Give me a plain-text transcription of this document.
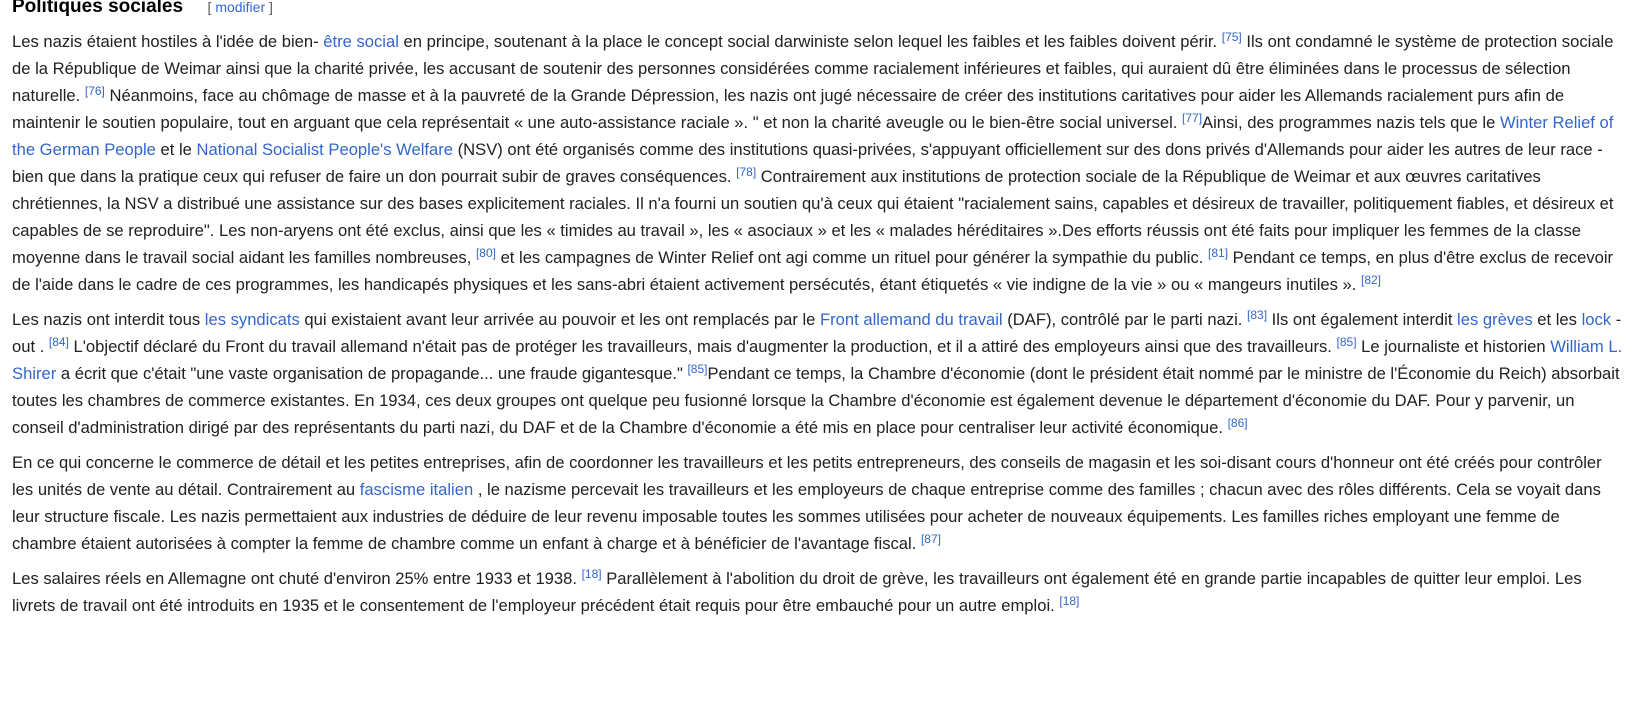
Politiques sociales [ modifier ]

Les nazis étaient hostiles à l'idée de bien- être social en principe, soutenant à la place le concept social darwiniste selon lequel les faibles et les faibles doivent périr. [75] Ils ont condamné le système de protection sociale de la République de Weimar ainsi que la charité privée, les accusant de soutenir des personnes considérées comme racialement inférieures et faibles, qui auraient dû être éliminées dans le processus de sélection naturelle. [76] Néanmoins, face au chômage de masse et à la pauvreté de la Grande Dépression, les nazis ont jugé nécessaire de créer des institutions caritatives pour aider les Allemands racialement purs afin de maintenir le soutien populaire, tout en arguant que cela représentait « une auto-assistance raciale ». " et non la charité aveugle ou le bien-être social universel. [77]Ainsi, des programmes nazis tels que le Winter Relief of the German People et le National Socialist People's Welfare (NSV) ont été organisés comme des institutions quasi-privées, s'appuyant officiellement sur des dons privés d'Allemands pour aider les autres de leur race - bien que dans la pratique ceux qui refuser de faire un don pourrait subir de graves conséquences. [78] Contrairement aux institutions de protection sociale de la République de Weimar et aux œuvres caritatives chrétiennes, la NSV a distribué une assistance sur des bases explicitement raciales. Il n'a fourni un soutien qu'à ceux qui étaient "racialement sains, capables et désireux de travailler, politiquement fiables, et désireux et capables de se reproduire". Les non-aryens ont été exclus, ainsi que les « timides au travail », les « asociaux » et les « malades héréditaires ».Des efforts réussis ont été faits pour impliquer les femmes de la classe moyenne dans le travail social aidant les familles nombreuses, [80] et les campagnes de Winter Relief ont agi comme un rituel pour générer la sympathie du public. [81] Pendant ce temps, en plus d'être exclus de recevoir de l'aide dans le cadre de ces programmes, les handicapés physiques et les sans-abri étaient activement persécutés, étant étiquetés « vie indigne de la vie » ou « mangeurs inutiles ». [82]

Les nazis ont interdit tous les syndicats qui existaient avant leur arrivée au pouvoir et les ont remplacés par le Front allemand du travail (DAF), contrôlé par le parti nazi. [83] Ils ont également interdit les grèves et les lock -out . [84] L'objectif déclaré du Front du travail allemand n'était pas de protéger les travailleurs, mais d'augmenter la production, et il a attiré des employeurs ainsi que des travailleurs. [85] Le journaliste et historien William L. Shirer a écrit que c'était "une vaste organisation de propagande... une fraude gigantesque." [85]Pendant ce temps, la Chambre d'économie (dont le président était nommé par le ministre de l'Économie du Reich) absorbait toutes les chambres de commerce existantes. En 1934, ces deux groupes ont quelque peu fusionné lorsque la Chambre d'économie est également devenue le département d'économie du DAF. Pour y parvenir, un conseil d'administration dirigé par des représentants du parti nazi, du DAF et de la Chambre d'économie a été mis en place pour centraliser leur activité économique. [86]

En ce qui concerne le commerce de détail et les petites entreprises, afin de coordonner les travailleurs et les petits entrepreneurs, des conseils de magasin et les soi-disant cours d'honneur ont été créés pour contrôler les unités de vente au détail. Contrairement au fascisme italien , le nazisme percevait les travailleurs et les employeurs de chaque entreprise comme des familles ; chacun avec des rôles différents. Cela se voyait dans leur structure fiscale. Les nazis permettaient aux industries de déduire de leur revenu imposable toutes les sommes utilisées pour acheter de nouveaux équipements. Les familles riches employant une femme de chambre étaient autorisées à compter la femme de chambre comme un enfant à charge et à bénéficier de l'avantage fiscal. [87]

Les salaires réels en Allemagne ont chuté d'environ 25% entre 1933 et 1938. [18] Parallèlement à l'abolition du droit de grève, les travailleurs ont également été en grande partie incapables de quitter leur emploi. Les livrets de travail ont été introduits en 1935 et le consentement de l'employeur précédent était requis pour être embauché pour un autre emploi. [18]
